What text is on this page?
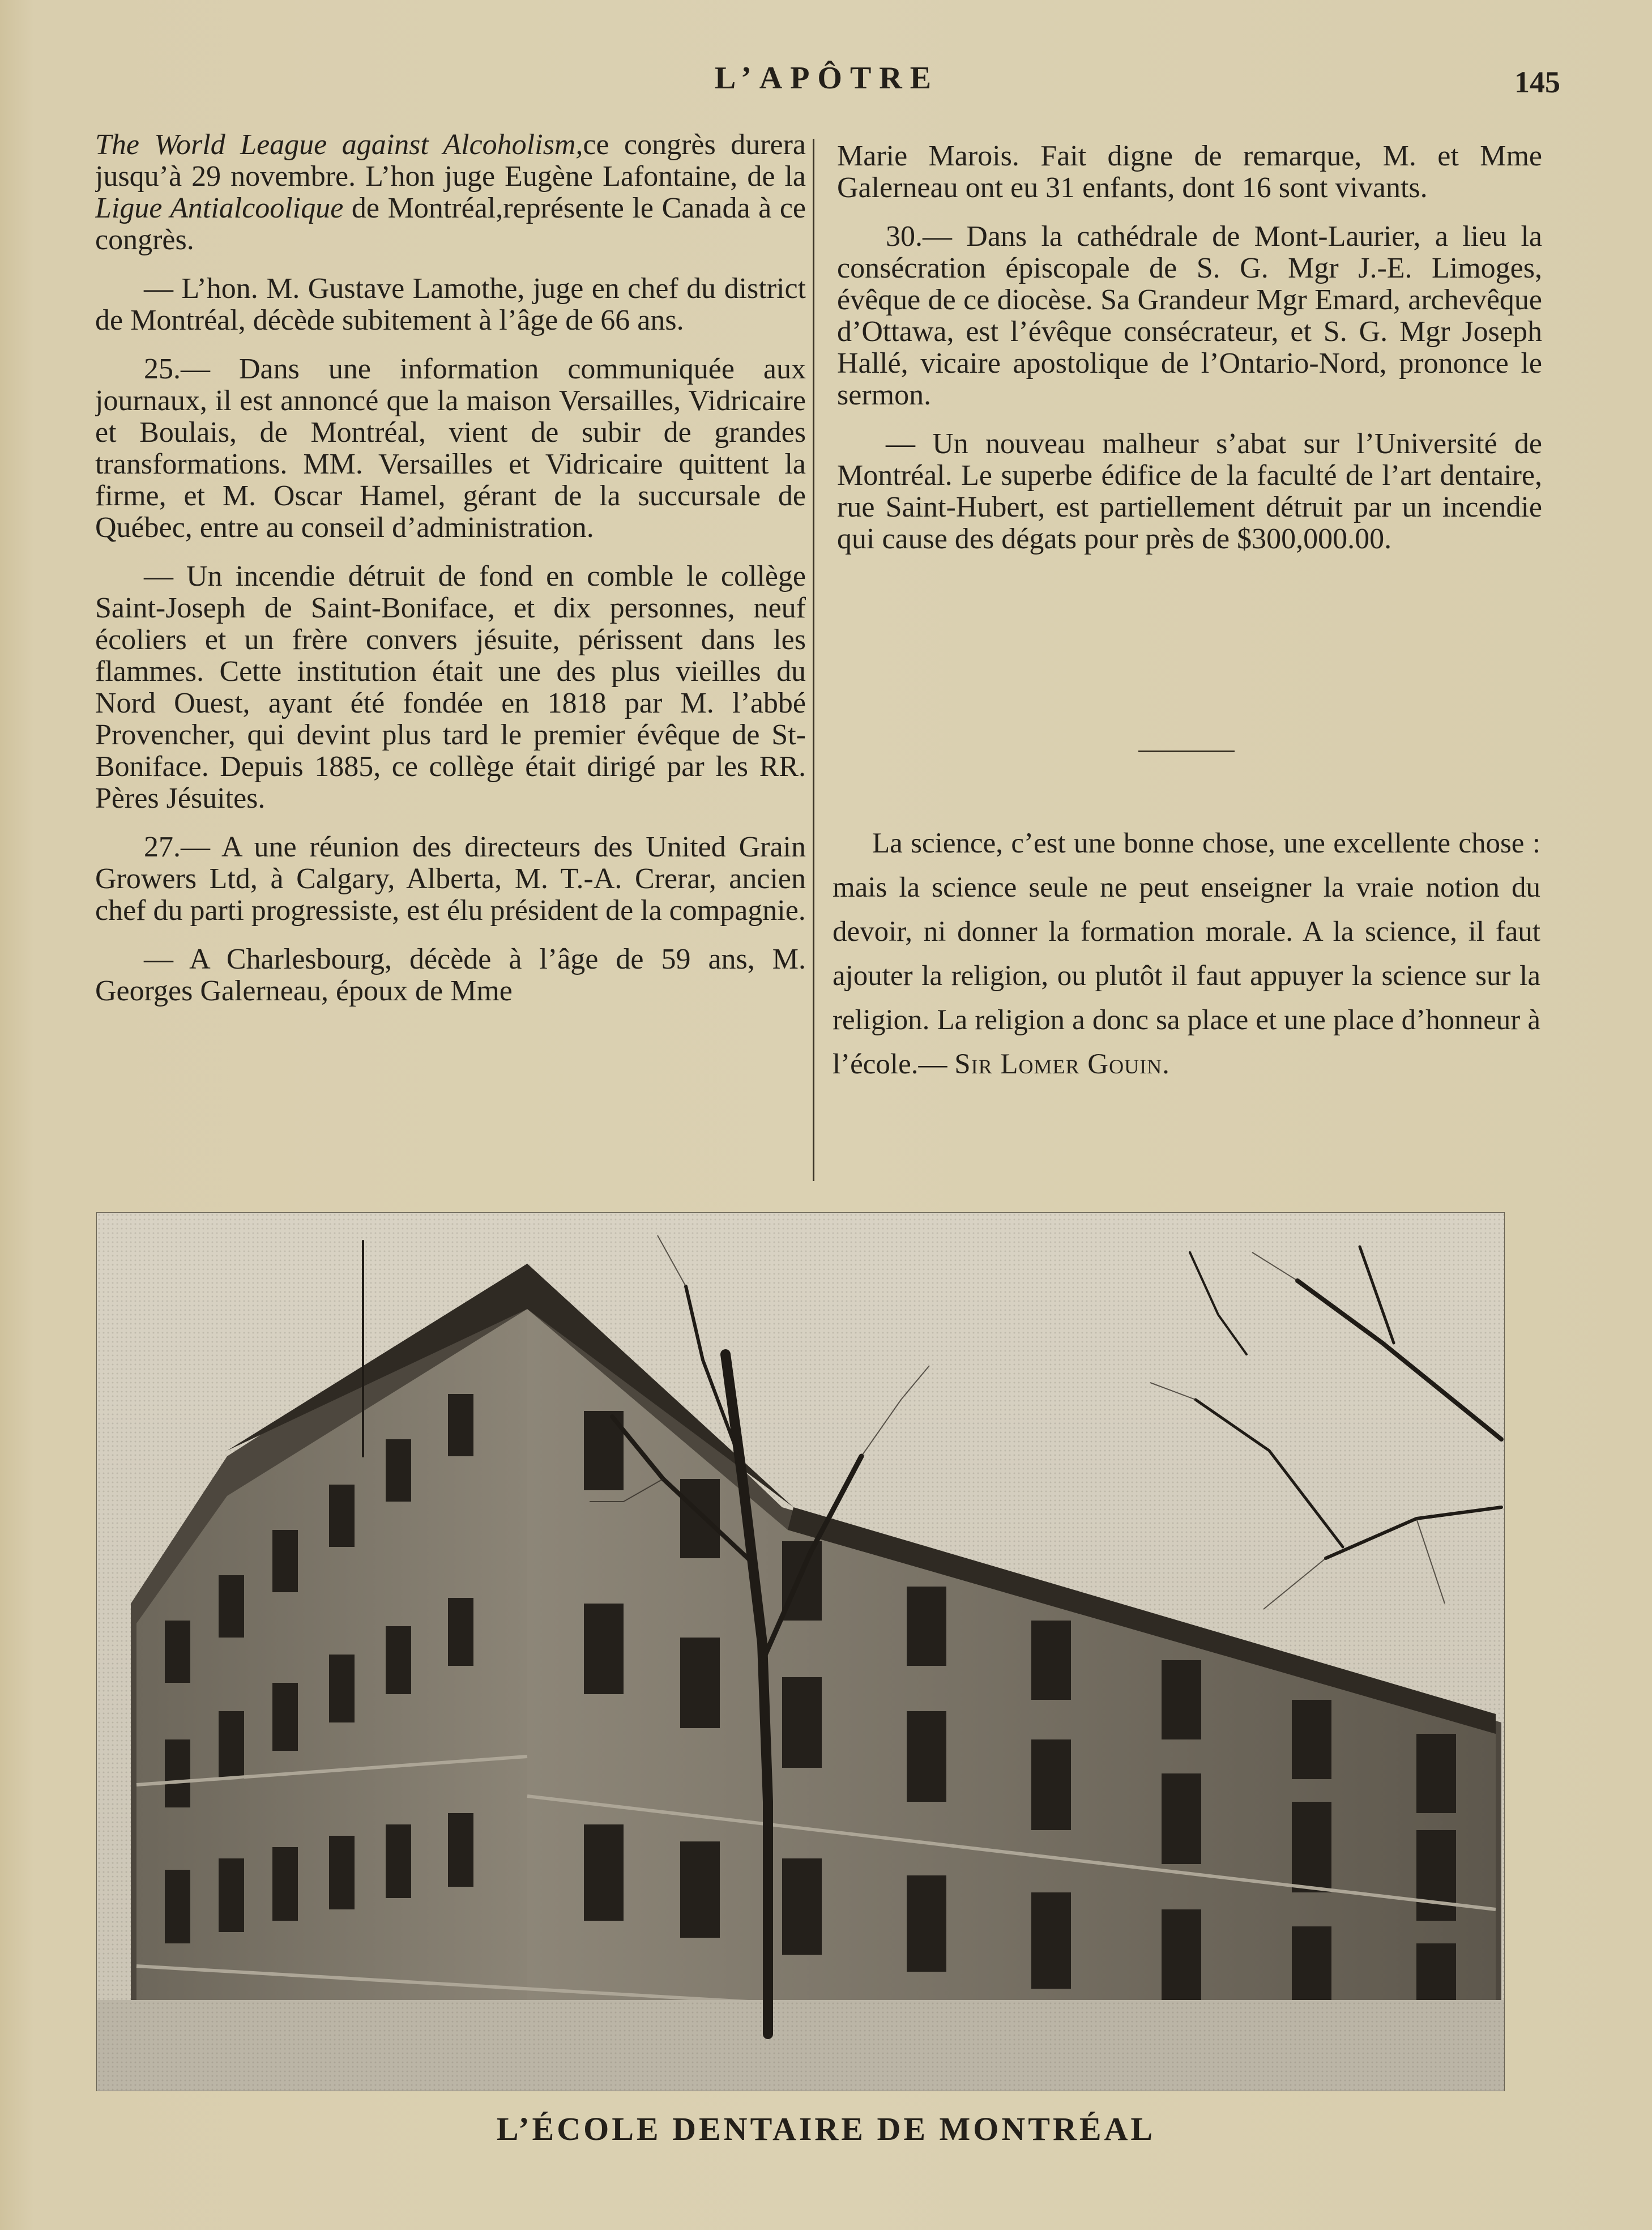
L’APÔTRE	145

The World League against Alcoholism,ce congrès durera jusqu’à 29 novembre. L’hon juge Eugène Lafontaine, de la Ligue Antialcoolique de Montréal,représente le Canada à ce congrès.

— L’hon. M. Gustave Lamothe, juge en chef du district de Montréal, décède subitement à l’âge de 66 ans.

25.— Dans une information communiquée aux journaux, il est annoncé que la maison Versailles, Vidricaire et Boulais, de Montréal, vient de subir de grandes transformations. MM. Versailles et Vidricaire quittent la firme, et M. Oscar Hamel, gérant de la succursale de Québec, entre au conseil d’administration.

— Un incendie détruit de fond en comble le collège Saint-Joseph de Saint-Boniface, et dix personnes, neuf écoliers et un frère convers jésuite, périssent dans les flammes. Cette institution était une des plus vieilles du Nord Ouest, ayant été fondée en 1818 par M. l’abbé Provencher, qui devint plus tard le premier évêque de St-Boniface. Depuis 1885, ce collège était dirigé par les RR. Pères Jésuites.

27.— A une réunion des directeurs des United Grain Growers Ltd, à Calgary, Alberta, M. T.-A. Crerar, ancien chef du parti progressiste, est élu président de la compagnie.

— A Charlesbourg, décède à l’âge de 59 ans, M. Georges Galerneau, époux de Mme

Marie Marois. Fait digne de remarque, M. et Mme Galerneau ont eu 31 enfants, dont 16 sont vivants.

30.— Dans la cathédrale de Mont-Laurier, a lieu la consécration épiscopale de S. G. Mgr J.-E. Limoges, évêque de ce diocèse. Sa Grandeur Mgr Emard, archevêque d’Ottawa, est l’évêque consécrateur, et S. G. Mgr Joseph Hallé, vicaire apostolique de l’Ontario-Nord, prononce le sermon.

— Un nouveau malheur s’abat sur l’Université de Montréal. Le superbe édifice de la faculté de l’art dentaire, rue Saint-Hubert, est partiellement détruit par un incendie qui cause des dégats pour près de $300,000.00.

La science, c’est une bonne chose, une excellente chose : mais la science seule ne peut enseigner la vraie notion du devoir, ni donner la formation morale. A la science, il faut ajouter la religion, ou plutôt il faut appuyer la science sur la religion. La religion a donc sa place et une place d’honneur à l’école.— Sir Lomer Gouin.
L’ÉCOLE DENTAIRE DE MONTRÉAL
